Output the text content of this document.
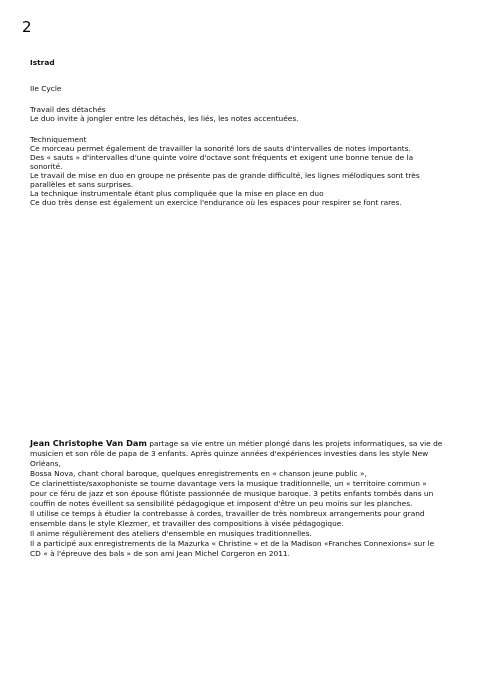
2
Istrad
IIe Cycle
Travail des détachés
Le duo invite à jongler entre les détachés, les liés, les notes accentuées.
Techniquement
Ce morceau permet également de travailler la sonorité lors de sauts d'intervalles de notes importants.
Des « sauts » d'intervalles d'une quinte voire d'octave sont fréquents et exigent une bonne tenue de la
sonorité.
Le travail de mise en duo en groupe ne présente pas de grande difficulté, les lignes mélodiques sont très
parallèles et sans surprises.
La technique instrumentale étant plus compliquée que la mise en place en duo
Ce duo très dense est également un exercice l'endurance où les espaces pour respirer se font rares.
Jean Christophe Van Dam partage sa vie entre un métier plongé dans les projets informatiques, sa vie de
musicien et son rôle de papa de 3 enfants. Après quinze années d'expériences investies dans les style New
Orléans,
Bossa Nova, chant choral baroque, quelques enregistrements en « chanson jeune public »,
Ce clarinettiste/saxophoniste se tourne davantage vers la musique traditionnelle, un « territoire commun »
pour ce féru de jazz et son épouse flûtiste passionnée de musique baroque. 3 petits enfants tombés dans un
couffin de notes éveillent sa sensibilité pédagogique et imposent d'être un peu moins sur les planches.
Il utilise ce temps à étudier la contrebasse à cordes, travailler de très nombreux arrangements pour grand
ensemble dans le style Klezmer, et travailler des compositions à visée pédagogique.
Il anime régulièrement des ateliers d'ensemble en musiques traditionnelles.
Il a participé aux enregistrements de la Mazurka « Christine » et de la Madison «Franches Connexions» sur le
CD « à l'épreuve des bals » de son ami Jean Michel Corgeron en 2011.
